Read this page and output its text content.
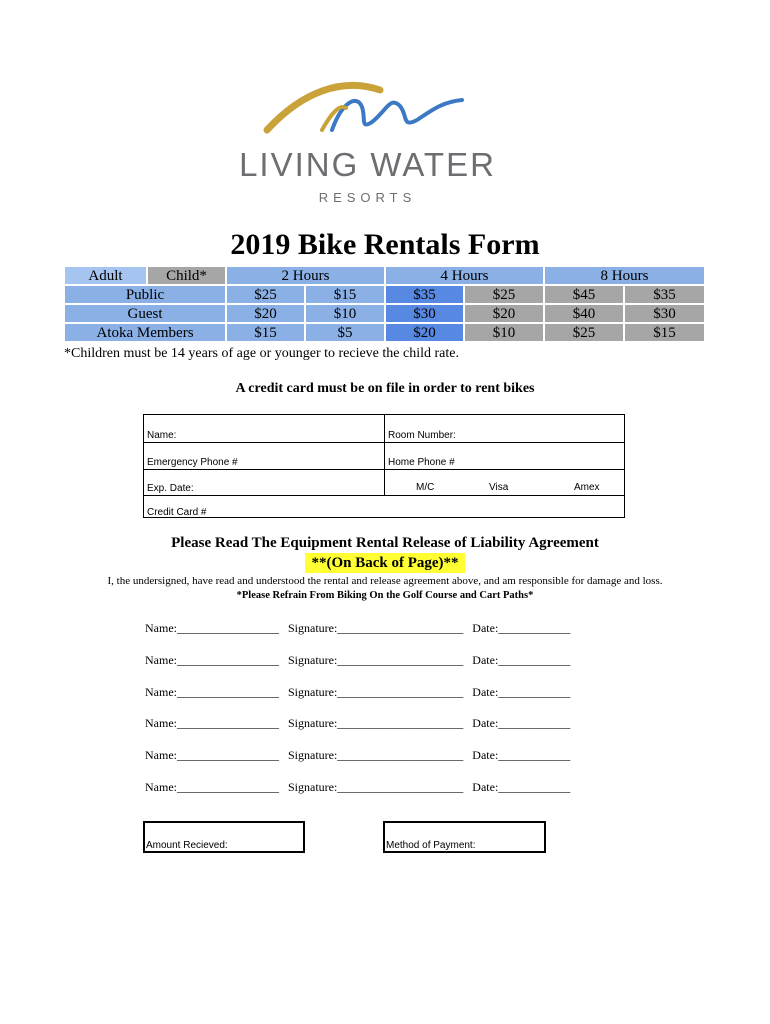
LIVING WATER
RESORTS
2019 Bike Rentals Form
Adult	Child*	2 Hours	4 Hours	8 Hours
Public	$25	$15	$35	$25	$45	$35
Guest	$20	$10	$30	$20	$40	$30
Atoka Members	$15	$5	$20	$10	$25	$15
*Children must be 14 years of age or younger to recieve the child rate.
A credit card must be on file in order to rent bikes
Name:	Room Number:
Emergency Phone #	Home Phone #
Exp. Date:	M/C	Visa	Amex
Credit Card #
Please Read The Equipment Rental Release of Liability Agreement
**(On Back of Page)**
I, the undersigned, have read and understood the rental and release agreement above, and am responsible for damage and loss.
*Please Refrain From Biking On the Golf Course and Cart Paths*
Name:_________________   Signature:_____________________   Date:____________
Name:_________________   Signature:_____________________   Date:____________
Name:_________________   Signature:_____________________   Date:____________
Name:_________________   Signature:_____________________   Date:____________
Name:_________________   Signature:_____________________   Date:____________
Name:_________________   Signature:_____________________   Date:____________
Amount Recieved:	Method of Payment:
